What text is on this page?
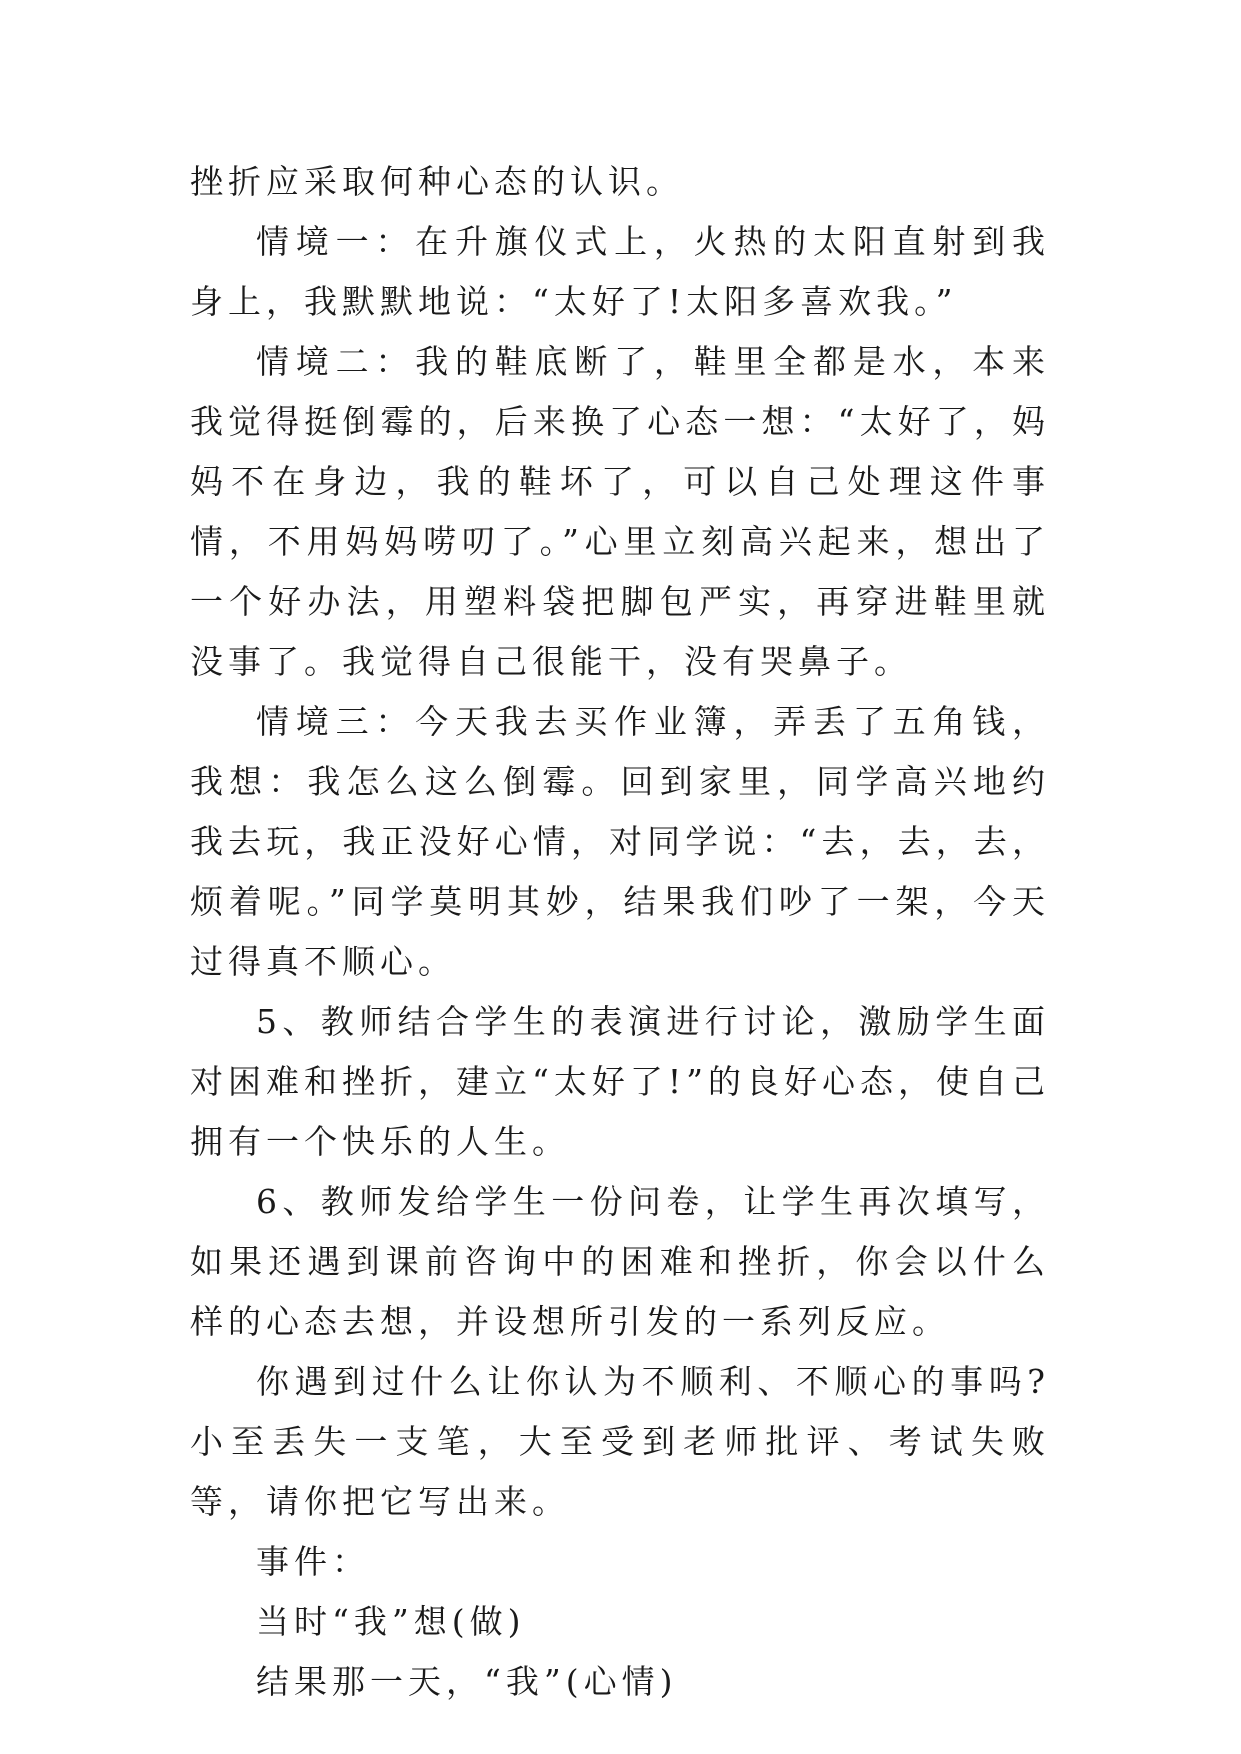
挫折应采取何种心态的认识。

情境一：在升旗仪式上，火热的太阳直射到我身上，我默默地说：“太好了!太阳多喜欢我。”

情境二：我的鞋底断了，鞋里全都是水，本来我觉得挺倒霉的，后来换了心态一想：“太好了，妈妈不在身边，我的鞋坏了，可以自己处理这件事情，不用妈妈唠叨了。”心里立刻高兴起来，想出了一个好办法，用塑料袋把脚包严实，再穿进鞋里就没事了。我觉得自己很能干，没有哭鼻子。

情境三：今天我去买作业簿，弄丢了五角钱，我想：我怎么这么倒霉。回到家里，同学高兴地约我去玩，我正没好心情，对同学说：“去，去，去，烦着呢。”同学莫明其妙，结果我们吵了一架，今天过得真不顺心。

5、教师结合学生的表演进行讨论，激励学生面对困难和挫折，建立“太好了!”的良好心态，使自己拥有一个快乐的人生。

6、教师发给学生一份问卷，让学生再次填写，如果还遇到课前咨询中的困难和挫折，你会以什么样的心态去想，并设想所引发的一系列反应。

你遇到过什么让你认为不顺利、不顺心的事吗?小至丢失一支笔，大至受到老师批评、考试失败等，请你把它写出来。

事件：

当时“我”想(做)

结果那一天，“我”(心情)
